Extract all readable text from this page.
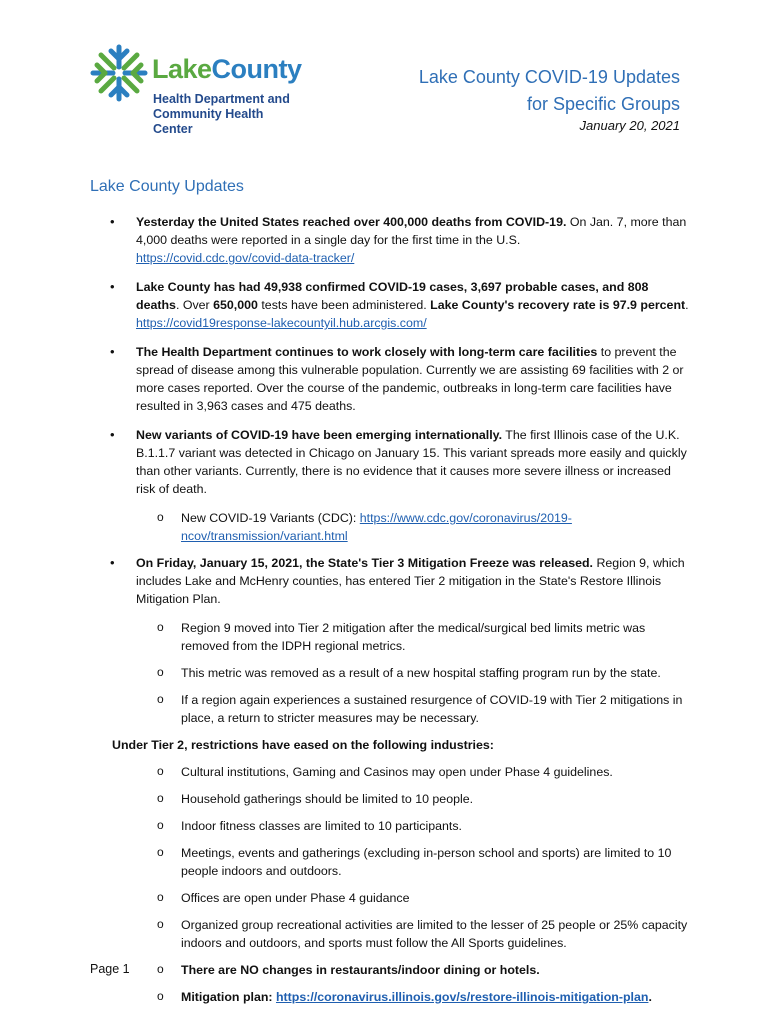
LakeCounty
Health Department and
Community Health Center
Lake County COVID-19 Updates
for Specific Groups
January 20, 2021
Lake County Updates
• Yesterday the United States reached over 400,000 deaths from COVID-19. On Jan. 7, more than 4,000 deaths were reported in a single day for the first time in the U.S.
https://covid.cdc.gov/covid-data-tracker/
• Lake County has had 49,938 confirmed COVID-19 cases, 3,697 probable cases, and 808 deaths. Over 650,000 tests have been administered. Lake County's recovery rate is 97.9 percent.
https://covid19response-lakecountyil.hub.arcgis.com/
• The Health Department continues to work closely with long-term care facilities to prevent the spread of disease among this vulnerable population. Currently we are assisting 69 facilities with 2 or more cases reported. Over the course of the pandemic, outbreaks in long-term care facilities have resulted in 3,963 cases and 475 deaths.
• New variants of COVID-19 have been emerging internationally. The first Illinois case of the U.K. B.1.1.7 variant was detected in Chicago on January 15. This variant spreads more easily and quickly than other variants. Currently, there is no evidence that it causes more severe illness or increased risk of death.
o New COVID-19 Variants (CDC): https://www.cdc.gov/coronavirus/2019-ncov/transmission/variant.html
• On Friday, January 15, 2021, the State's Tier 3 Mitigation Freeze was released. Region 9, which includes Lake and McHenry counties, has entered Tier 2 mitigation in the State's Restore Illinois Mitigation Plan.
o Region 9 moved into Tier 2 mitigation after the medical/surgical bed limits metric was removed from the IDPH regional metrics.
o This metric was removed as a result of a new hospital staffing program run by the state.
o If a region again experiences a sustained resurgence of COVID-19 with Tier 2 mitigations in place, a return to stricter measures may be necessary.
Under Tier 2, restrictions have eased on the following industries:
o Cultural institutions, Gaming and Casinos may open under Phase 4 guidelines.
o Household gatherings should be limited to 10 people.
o Indoor fitness classes are limited to 10 participants.
o Meetings, events and gatherings (excluding in-person school and sports) are limited to 10 people indoors and outdoors.
o Offices are open under Phase 4 guidance
o Organized group recreational activities are limited to the lesser of 25 people or 25% capacity indoors and outdoors, and sports must follow the All Sports guidelines.
o There are NO changes in restaurants/indoor dining or hotels.
o Mitigation plan: https://coronavirus.illinois.gov/s/restore-illinois-mitigation-plan.
Page 1
